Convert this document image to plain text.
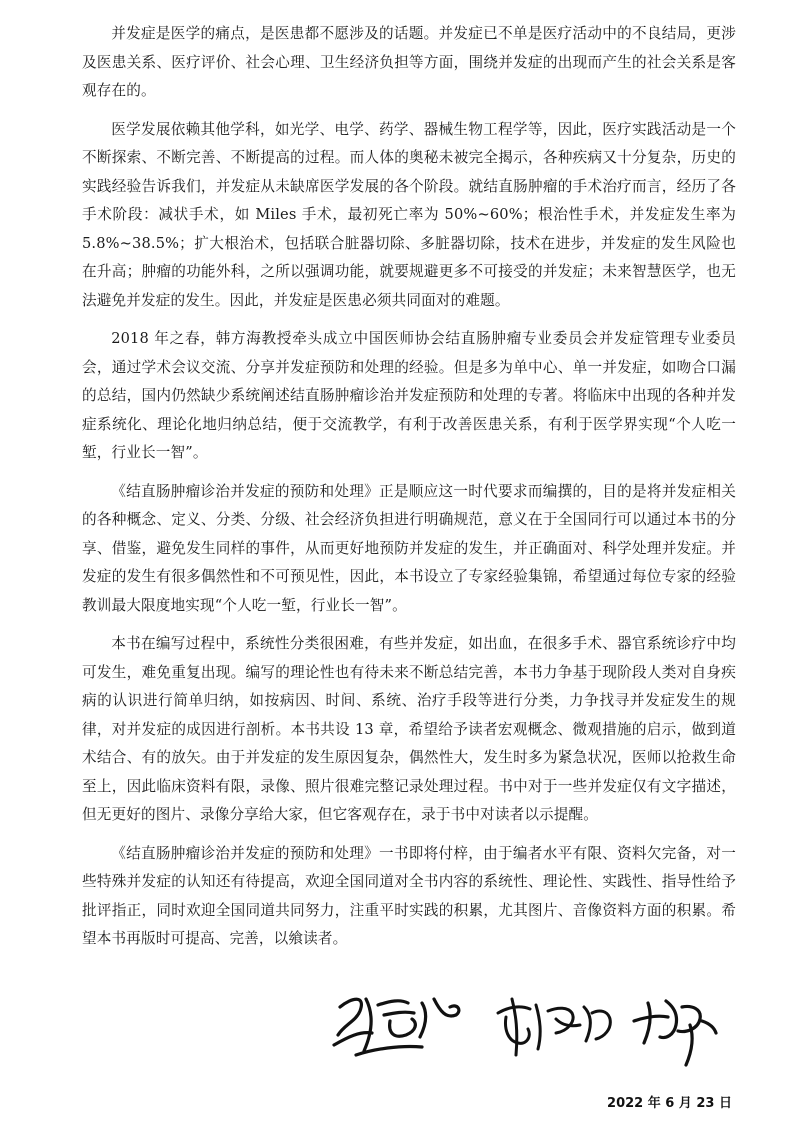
并发症是医学的痛点，是医患都不愿涉及的话题。并发症已不单是医疗活动中的不良结局，更涉及医患关系、医疗评价、社会心理、卫生经济负担等方面，围绕并发症的出现而产生的社会关系是客观存在的。

医学发展依赖其他学科，如光学、电学、药学、器械生物工程学等，因此，医疗实践活动是一个不断探索、不断完善、不断提高的过程。而人体的奥秘未被完全揭示，各种疾病又十分复杂，历史的实践经验告诉我们，并发症从未缺席医学发展的各个阶段。就结直肠肿瘤的手术治疗而言，经历了各手术阶段：减状手术，如 Miles 手术，最初死亡率为 50%~60%；根治性手术，并发症发生率为 5.8%~38.5%；扩大根治术，包括联合脏器切除、多脏器切除，技术在进步，并发症的发生风险也在升高；肿瘤的功能外科，之所以强调功能，就要规避更多不可接受的并发症；未来智慧医学，也无法避免并发症的发生。因此，并发症是医患必须共同面对的难题。

2018 年之春，韩方海教授牵头成立中国医师协会结直肠肿瘤专业委员会并发症管理专业委员会，通过学术会议交流、分享并发症预防和处理的经验。但是多为单中心、单一并发症，如吻合口漏的总结，国内仍然缺少系统阐述结直肠肿瘤诊治并发症预防和处理的专著。将临床中出现的各种并发症系统化、理论化地归纳总结，便于交流教学，有利于改善医患关系，有利于医学界实现“个人吃一堑，行业长一智”。

《结直肠肿瘤诊治并发症的预防和处理》正是顺应这一时代要求而编撰的，目的是将并发症相关的各种概念、定义、分类、分级、社会经济负担进行明确规范，意义在于全国同行可以通过本书的分享、借鉴，避免发生同样的事件，从而更好地预防并发症的发生，并正确面对、科学处理并发症。并发症的发生有很多偶然性和不可预见性，因此，本书设立了专家经验集锦，希望通过每位专家的经验教训最大限度地实现“个人吃一堑，行业长一智”。

本书在编写过程中，系统性分类很困难，有些并发症，如出血，在很多手术、器官系统诊疗中均可发生，难免重复出现。编写的理论性也有待未来不断总结完善，本书力争基于现阶段人类对自身疾病的认识进行简单归纳，如按病因、时间、系统、治疗手段等进行分类，力争找寻并发症发生的规律，对并发症的成因进行剖析。本书共设 13 章，希望给予读者宏观概念、微观措施的启示，做到道术结合、有的放矢。由于并发症的发生原因复杂，偶然性大，发生时多为紧急状况，医师以抢救生命至上，因此临床资料有限，录像、照片很难完整记录处理过程。书中对于一些并发症仅有文字描述，但无更好的图片、录像分享给大家，但它客观存在，录于书中对读者以示提醒。

《结直肠肿瘤诊治并发症的预防和处理》一书即将付梓，由于编者水平有限、资料欠完备，对一些特殊并发症的认知还有待提高，欢迎全国同道对全书内容的系统性、理论性、实践性、指导性给予批评指正，同时欢迎全国同道共同努力，注重平时实践的积累，尤其图片、音像资料方面的积累。希望本书再版时可提高、完善，以飨读者。

2022 年 6 月 23 日
